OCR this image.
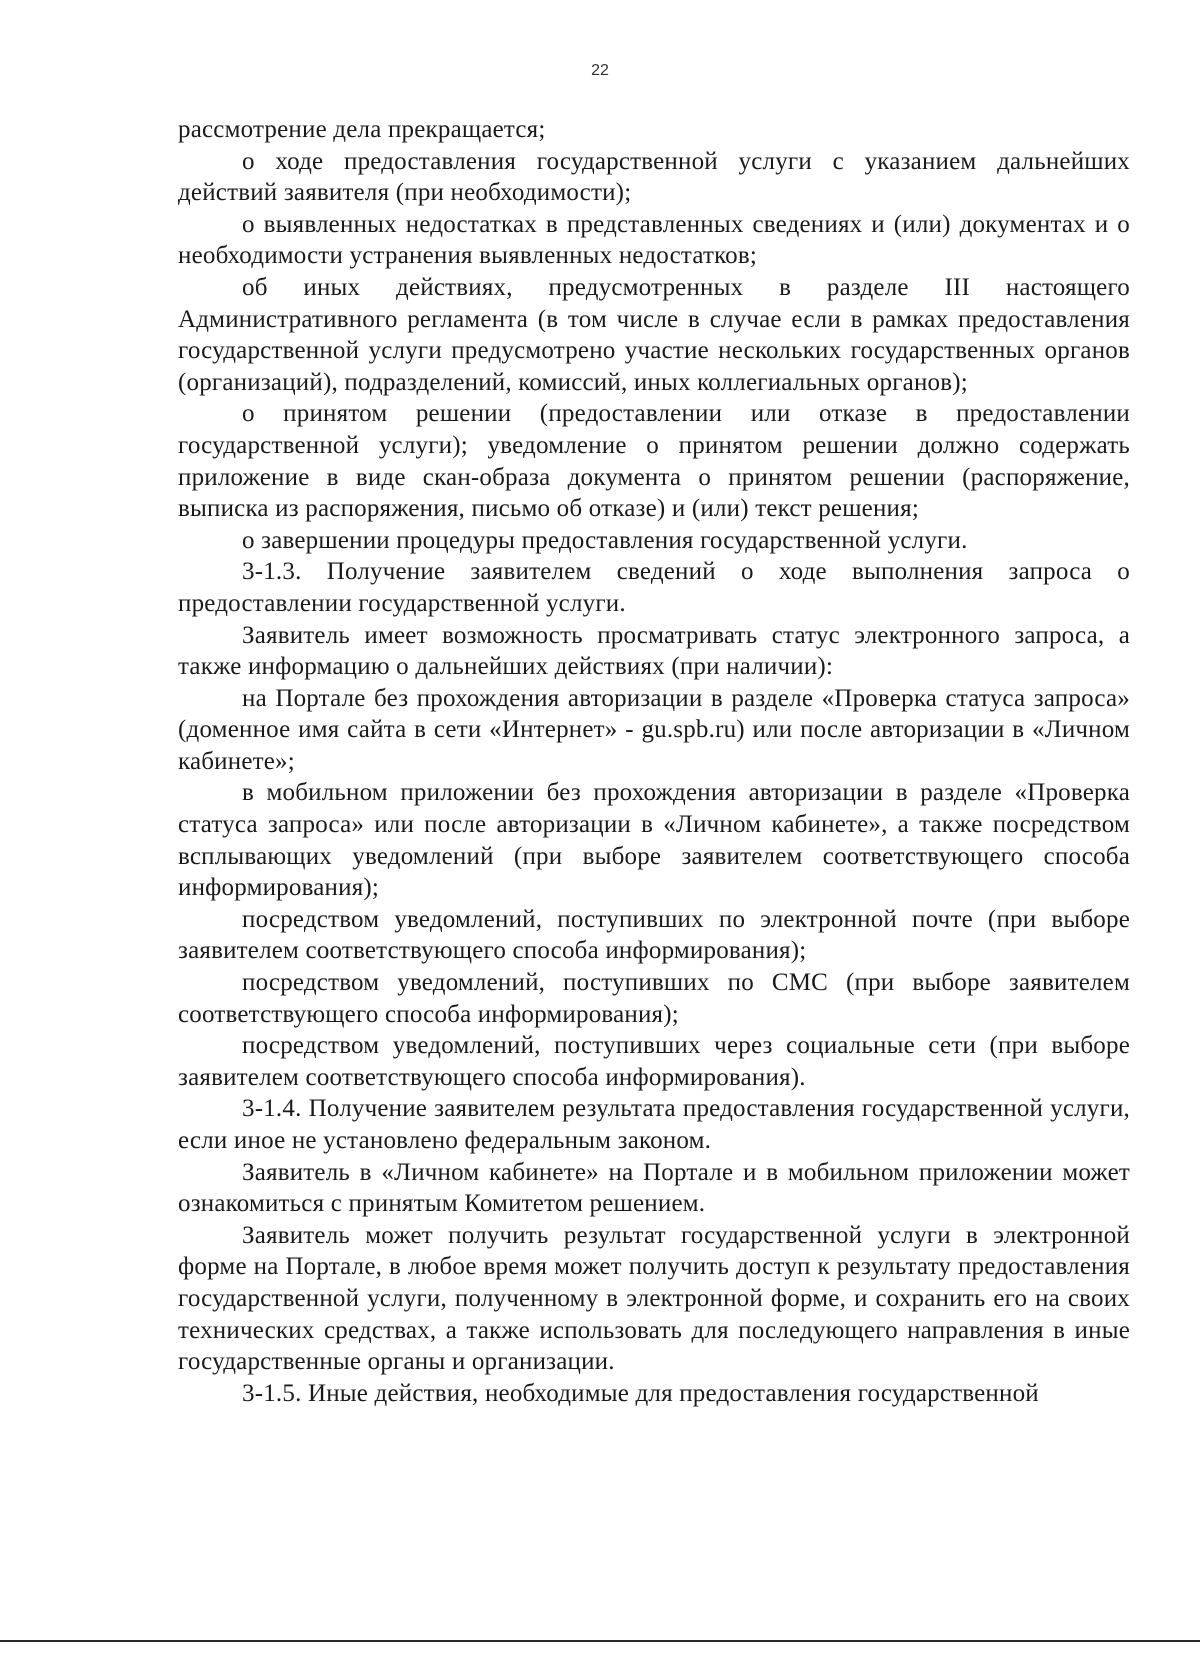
22

рассмотрение дела прекращается;

о ходе предоставления государственной услуги с указанием дальнейших действий заявителя (при необходимости);

о выявленных недостатках в представленных сведениях и (или) документах и о необходимости устранения выявленных недостатков;

об иных действиях, предусмотренных в разделе III настоящего Административного регламента (в том числе в случае если в рамках предоставления государственной услуги предусмотрено участие нескольких государственных органов (организаций), подразделений, комиссий, иных коллегиальных органов);

о принятом решении (предоставлении или отказе в предоставлении государственной услуги); уведомление о принятом решении должно содержать приложение в виде скан-образа документа о принятом решении (распоряжение, выписка из распоряжения, письмо об отказе) и (или) текст решения;

о завершении процедуры предоставления государственной услуги.

3-1.3. Получение заявителем сведений о ходе выполнения запроса о предоставлении государственной услуги.

Заявитель имеет возможность просматривать статус электронного запроса, а также информацию о дальнейших действиях (при наличии):

на Портале без прохождения авторизации в разделе «Проверка статуса запроса» (доменное имя сайта в сети «Интернет» - gu.spb.ru) или после авторизации в «Личном кабинете»;

в мобильном приложении без прохождения авторизации в разделе «Проверка статуса запроса» или после авторизации в «Личном кабинете», а также посредством всплывающих уведомлений (при выборе заявителем соответствующего способа информирования);

посредством уведомлений, поступивших по электронной почте (при выборе заявителем соответствующего способа информирования);

посредством уведомлений, поступивших по СМС (при выборе заявителем соответствующего способа информирования);

посредством уведомлений, поступивших через социальные сети (при выборе заявителем соответствующего способа информирования).

3-1.4. Получение заявителем результата предоставления государственной услуги, если иное не установлено федеральным законом.

Заявитель в «Личном кабинете» на Портале и в мобильном приложении может ознакомиться с принятым Комитетом решением.

Заявитель может получить результат государственной услуги в электронной форме на Портале, в любое время может получить доступ к результату предоставления государственной услуги, полученному в электронной форме, и сохранить его на своих технических средствах, а также использовать для последующего направления в иные государственные органы и организации.

3-1.5. Иные действия, необходимые для предоставления государственной
